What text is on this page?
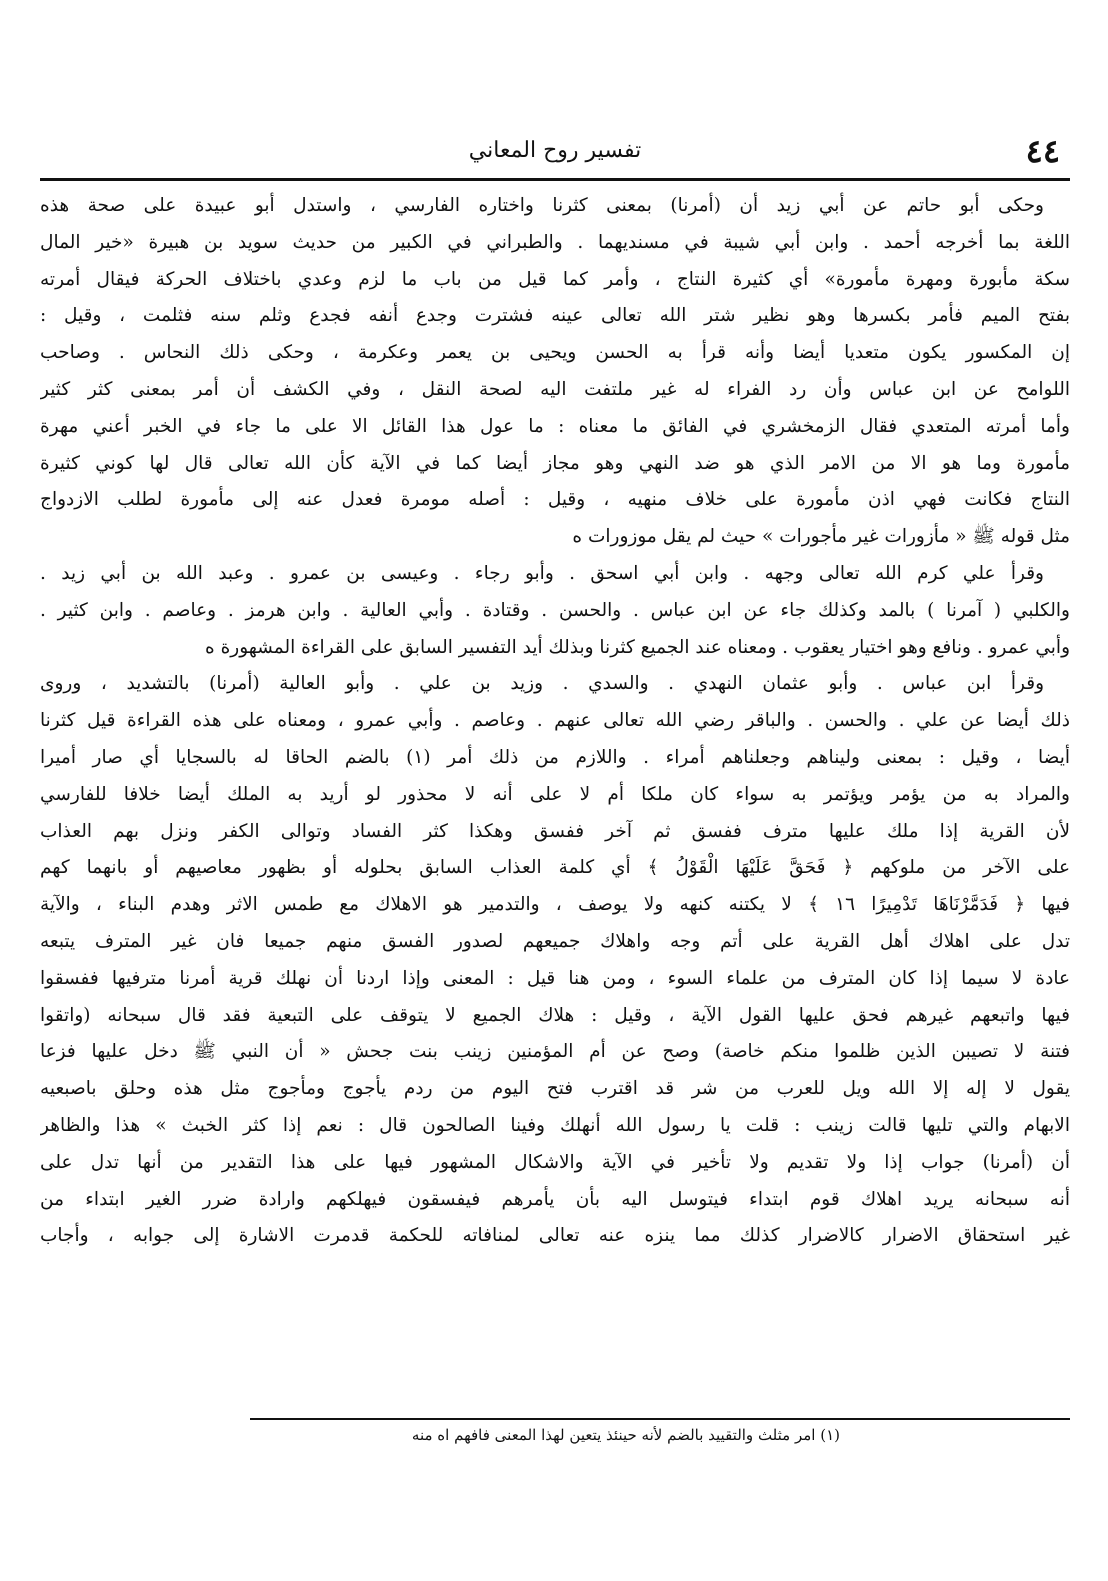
٤٤
تفسير روح المعاني
وحكى أبو حاتم عن أبي زيد أن (أمرنا) بمعنى كثرنا واختاره الفارسي ، واستدل أبو عبيدة على صحة هذه
اللغة بما أخرجه أحمد . وابن أبي شيبة في مسنديهما . والطبراني في الكبير من حديث سويد بن هبيرة «خير المال
سكة مأبورة ومهرة مأمورة» أي كثيرة النتاج ، وأمر كما قيل من باب ما لزم وعدي باختلاف الحركة فيقال أمرته
بفتح الميم فأمر بكسرها وهو نظير شتر الله تعالى عينه فشترت وجدع أنفه فجدع وثلم سنه فثلمت ، وقيل :
إن المكسور يكون متعديا أيضا وأنه قرأ به الحسن ويحيى بن يعمر وعكرمة ، وحكى ذلك النحاس . وصاحب
اللوامح عن ابن عباس وأن رد الفراء له غير ملتفت اليه لصحة النقل ، وفي الكشف أن أمر بمعنى كثر كثير
وأما أمرته المتعدي فقال الزمخشري في الفائق ما معناه : ما عول هذا القائل الا على ما جاء في الخبر أعني مهرة
مأمورة وما هو الا من الامر الذي هو ضد النهي وهو مجاز أيضا كما في الآية كأن الله تعالى قال لها كوني كثيرة
النتاج فكانت فهي اذن مأمورة على خلاف منهيه ، وقيل : أصله مومرة فعدل عنه إلى مأمورة لطلب الازدواج
مثل قوله ﷺ « مأزورات غير مأجورات » حيث لم يقل موزورات ه
وقرأ علي كرم الله تعالى وجهه . وابن أبي اسحق . وأبو رجاء . وعيسى بن عمرو . وعبد الله بن أبي زيد .
والكلبي ( آمرنا ) بالمد وكذلك جاء عن ابن عباس . والحسن . وقتادة . وأبي العالية . وابن هرمز . وعاصم . وابن كثير .
وأبي عمرو . ونافع وهو اختيار يعقوب . ومعناه عند الجميع كثرنا وبذلك أيد التفسير السابق على القراءة المشهورة ه
وقرأ ابن عباس . وأبو عثمان النهدي . والسدي . وزيد بن علي . وأبو العالية (أمرنا) بالتشديد ، وروى
ذلك أيضا عن علي . والحسن . والباقر رضي الله تعالى عنهم . وعاصم . وأبي عمرو ، ومعناه على هذه القراءة قيل كثرنا
أيضا ، وقيل : بمعنى وليناهم وجعلناهم أمراء . واللازم من ذلك أمر (١) بالضم الحاقا له بالسجايا أي صار أميرا
والمراد به من يؤمر ويؤتمر به سواء كان ملكا أم لا على أنه لا محذور لو أريد به الملك أيضا خلافا للفارسي
لأن القرية إذا ملك عليها مترف ففسق ثم آخر ففسق وهكذا كثر الفساد وتوالى الكفر ونزل بهم العذاب
على الآخر من ملوكهم ﴿ فَحَقَّ عَلَيْهَا الْقَوْلُ ﴾ أي كلمة العذاب السابق بحلوله أو بظهور معاصيهم أو بانهما كهم
فيها ﴿ فَدَمَّرْنَاهَا تَدْمِيرًا ١٦ ﴾ لا يكتنه كنهه ولا يوصف ، والتدمير هو الاهلاك مع طمس الاثر وهدم البناء ، والآية
تدل على اهلاك أهل القرية على أتم وجه واهلاك جميعهم لصدور الفسق منهم جميعا فان غير المترف يتبعه
عادة لا سيما إذا كان المترف من علماء السوء ، ومن هنا قيل : المعنى وإذا اردنا أن نهلك قرية أمرنا مترفيها ففسقوا
فيها واتبعهم غيرهم فحق عليها القول الآية ، وقيل : هلاك الجميع لا يتوقف على التبعية فقد قال سبحانه (واتقوا
فتنة لا تصيبن الذين ظلموا منكم خاصة) وصح عن أم المؤمنين زينب بنت جحش « أن النبي ﷺ دخل عليها فزعا
يقول لا إله إلا الله ويل للعرب من شر قد اقترب فتح اليوم من ردم يأجوج ومأجوج مثل هذه وحلق باصبعيه
الابهام والتي تليها قالت زينب : قلت يا رسول الله أنهلك وفينا الصالحون قال : نعم إذا كثر الخبث » هذا والظاهر
أن (أمرنا) جواب إذا ولا تقديم ولا تأخير في الآية والاشكال المشهور فيها على هذا التقدير من أنها تدل على
أنه سبحانه يريد اهلاك قوم ابتداء فيتوسل اليه بأن يأمرهم فيفسقون فيهلكهم وارادة ضرر الغير ابتداء من
غير استحقاق الاضرار كالاضرار كذلك مما ينزه عنه تعالى لمنافاته للحكمة قدمرت الاشارة إلى جوابه ، وأجاب
(١) امر مثلث والتقييد بالضم لأنه حينئذ يتعين لهذا المعنى فافهم اه منه
